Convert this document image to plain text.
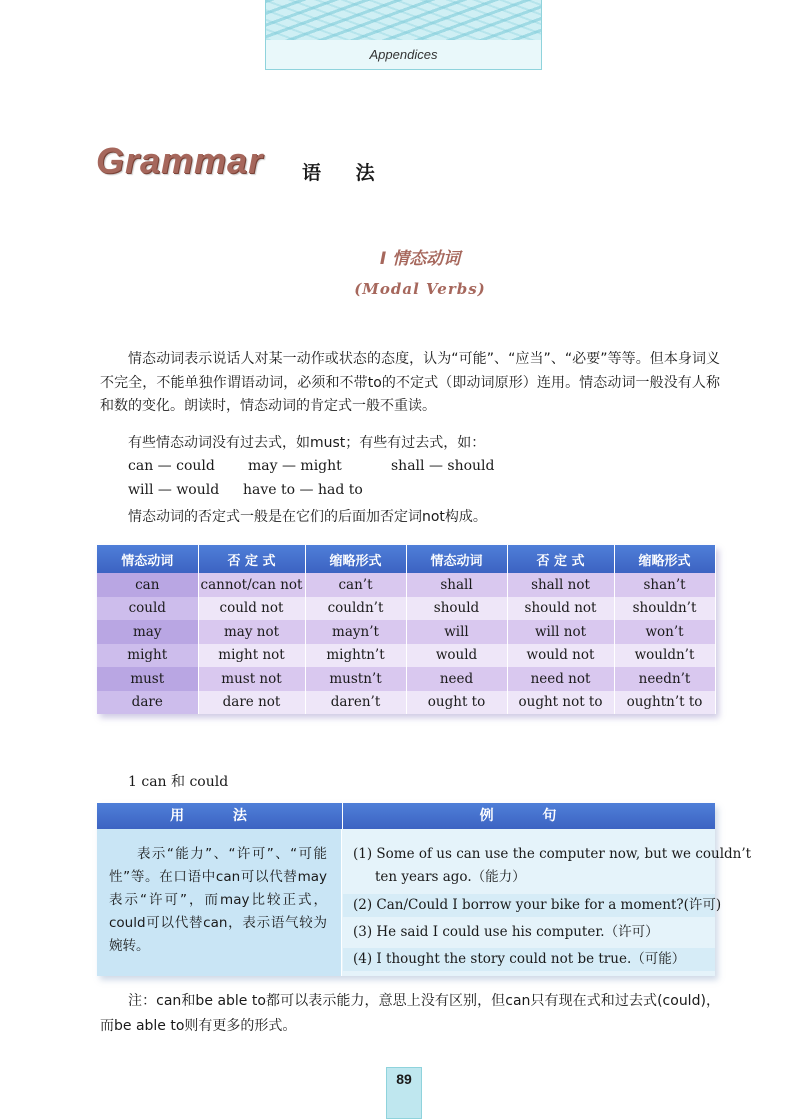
Appendices
Grammar 语 法
Ⅰ 情态动词
(Modal Verbs)
情态动词表示说话人对某一动作或状态的态度，认为“可能”、“应当”、“必要”等等。但本身词义不完全，不能单独作谓语动词，必须和不带to的不定式（即动词原形）连用。情态动词一般没有人称和数的变化。朗读时，情态动词的肯定式一般不重读。
有些情态动词没有过去式，如must；有些有过去式，如：
can — could may — might	shall — should
will — would have to — had to
情态动词的否定式一般是在它们的后面加否定词not构成。
情态动词	否 定 式	缩略形式	情态动词	否 定 式	缩略形式
can	cannot/can not	can’t	shall	shall not	shan’t
could	could not	couldn’t	should	should not	shouldn’t
may	may not	mayn’t	will	will not	won’t
might	might not	mightn’t	would	would not	wouldn’t
must	must not	mustn’t	need	need not	needn’t
dare	dare not	daren’t	ought to	ought not to	oughtn’t to

1 can 和 could
用 法	例 句
表示“能力”、“许可”、“可能性”等。在口语中can可以代替may表示“许可”，而may比较正式，could可以代替can，表示语气较为婉转。
(1) Some of us can use the computer now, but we couldn’t
ten years ago.（能力）
(2) Can/Could I borrow your bike for a moment?(许可)
(3) He said I could use his computer.（许可）
(4) I thought the story could not be true.（可能）
注：can和be able to都可以表示能力，意思上没有区别，但can只有现在式和过去式(could)，而be able to则有更多的形式。
89
